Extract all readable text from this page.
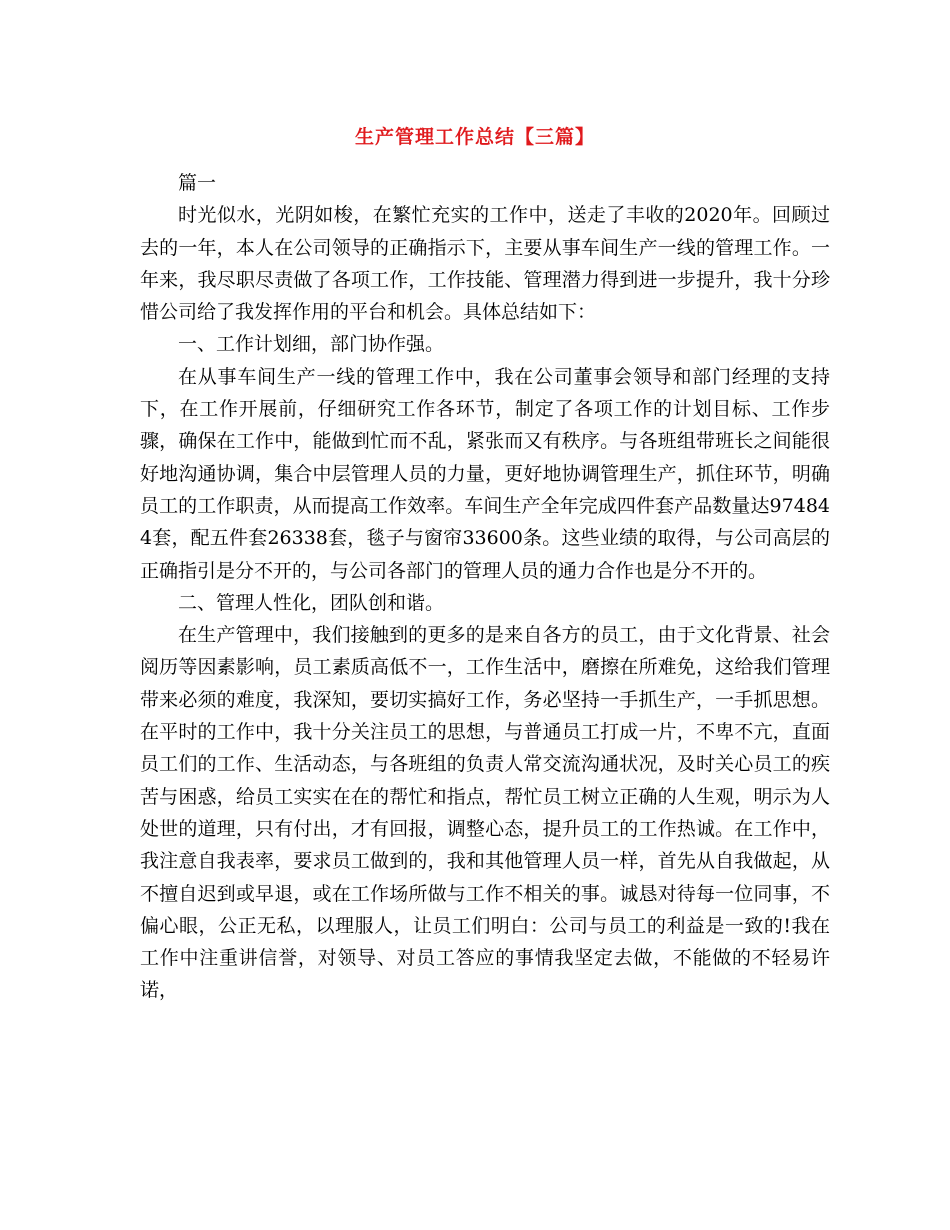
生产管理工作总结【三篇】

篇一

时光似水，光阴如梭，在繁忙充实的工作中，送走了丰收的2020年。回顾过去的一年，本人在公司领导的正确指示下，主要从事车间生产一线的管理工作。一年来，我尽职尽责做了各项工作，工作技能、管理潜力得到进一步提升，我十分珍惜公司给了我发挥作用的平台和机会。具体总结如下：

一、工作计划细，部门协作强。

在从事车间生产一线的管理工作中，我在公司董事会领导和部门经理的支持下，在工作开展前，仔细研究工作各环节，制定了各项工作的计划目标、工作步骤，确保在工作中，能做到忙而不乱，紧张而又有秩序。与各班组带班长之间能很好地沟通协调，集合中层管理人员的力量，更好地协调管理生产，抓住环节，明确员工的工作职责，从而提高工作效率。车间生产全年完成四件套产品数量达974844套，配五件套26338套，毯子与窗帘33600条。这些业绩的取得，与公司高层的正确指引是分不开的，与公司各部门的管理人员的通力合作也是分不开的。

二、管理人性化，团队创和谐。

在生产管理中，我们接触到的更多的是来自各方的员工，由于文化背景、社会阅历等因素影响，员工素质高低不一，工作生活中，磨擦在所难免，这给我们管理带来必须的难度，我深知，要切实搞好工作，务必坚持一手抓生产，一手抓思想。在平时的工作中，我十分关注员工的思想，与普通员工打成一片，不卑不亢，直面员工们的工作、生活动态，与各班组的负责人常交流沟通状况，及时关心员工的疾苦与困惑，给员工实实在在的帮忙和指点，帮忙员工树立正确的人生观，明示为人处世的道理，只有付出，才有回报，调整心态，提升员工的工作热诚。在工作中，我注意自我表率，要求员工做到的，我和其他管理人员一样，首先从自我做起，从不擅自迟到或早退，或在工作场所做与工作不相关的事。诚恳对待每一位同事，不偏心眼，公正无私，以理服人，让员工们明白：公司与员工的利益是一致的!我在工作中注重讲信誉，对领导、对员工答应的事情我坚定去做，不能做的不轻易许诺，
